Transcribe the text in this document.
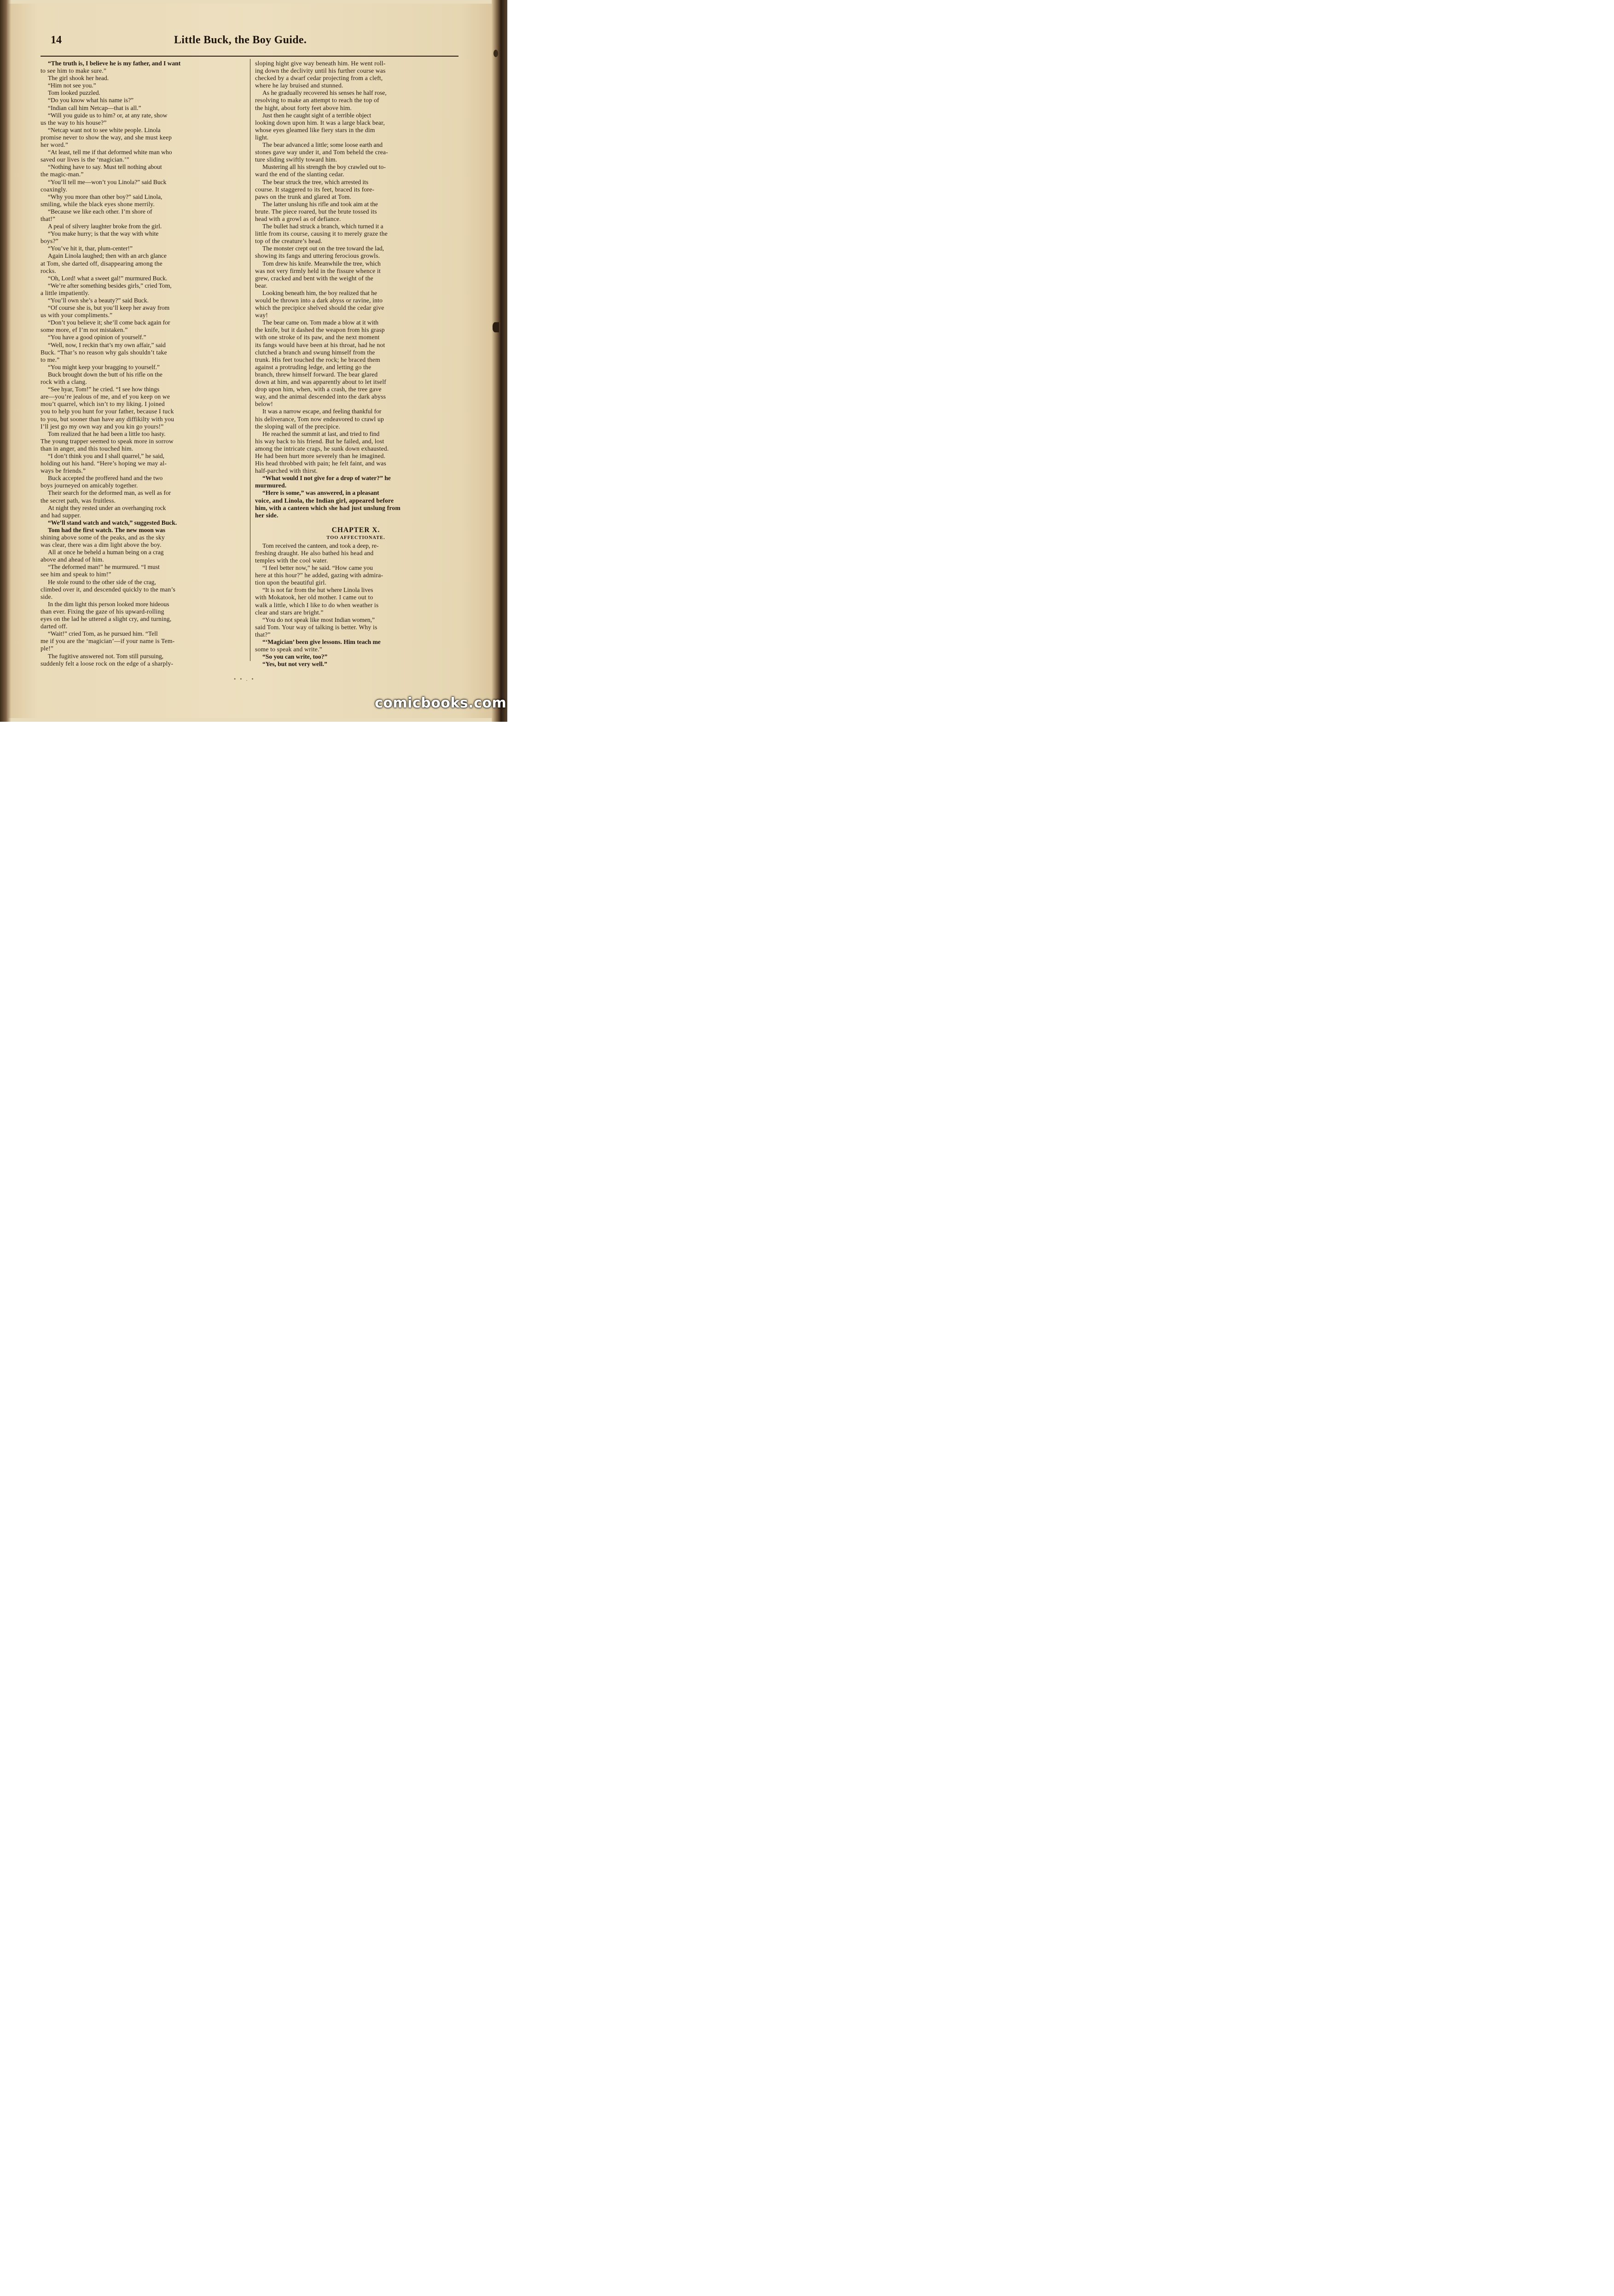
14	Little Buck, the Boy Guide.

“The truth is, I believe he is my father, and I want

to see him to make sure.”

The girl shook her head.

“Him not see you.”

Tom looked puzzled.

“Do you know what his name is?”

“Indian call him Netcap—that is all.”

“Will you guide us to him? or, at any rate, show

us the way to his house?”

“Netcap want not to see white people. Linola

promise never to show the way, and she must keep

her word.”

“At least, tell me if that deformed white man who

saved our lives is the ‘magician.’”

“Nothing have to say. Must tell nothing about

the magic-man.”

“You’ll tell me—won’t you Linola?” said Buck

coaxingly.

“Why you more than other boy?” said Linola,

smiling, while the black eyes shone merrily.

“Because we like each other. I’m shore of

that!”

A peal of silvery laughter broke from the girl.

“You make hurry; is that the way with white

boys?”

“You’ve hit it, thar, plum-center!”

Again Linola laughed; then with an arch glance

at Tom, she darted off, disappearing among the

rocks.

“Oh, Lord! what a sweet gal!” murmured Buck.

“We’re after something besides girls,” cried Tom,

a little impatiently.

“You’ll own she’s a beauty?” said Buck.

“Of course she is, but you’ll keep her away from

us with your compliments.”

“Don’t you believe it; she’ll come back again for

some more, ef I’m not mistaken.”

“You have a good opinion of yourself.”

“Well, now, I reckin that’s my own affair,” said

Buck. “Thar’s no reason why gals shouldn’t take

to me.”

“You might keep your bragging to yourself.”

Buck brought down the butt of his rifle on the

rock with a clang.

“See hyar, Tom!” he cried. “I see how things

are—you’re jealous of me, and ef you keep on we

mou’t quarrel, which isn’t to my liking. I joined

you to help you hunt for your father, because I tuck

to you, but sooner than have any diffikilty with you

I’ll jest go my own way and you kin go yours!”

Tom realized that he had been a little too hasty.

The young trapper seemed to speak more in sorrow

than in anger, and this touched him.

“I don’t think you and I shall quarrel,” he said,

holding out his hand. “Here’s hoping we may al-

ways be friends.”

Buck accepted the proffered hand and the two

boys journeyed on amicably together.

Their search for the deformed man, as well as for

the secret path, was fruitless.

At night they rested under an overhanging rock

and had supper.

“We’ll stand watch and watch,” suggested Buck.

Tom had the first watch. The new moon was

shining above some of the peaks, and as the sky

was clear, there was a dim light above the boy.

All at once he beheld a human being on a crag

above and ahead of him.

“The deformed man!” he murmured. “I must

see him and speak to him!”

He stole round to the other side of the crag,

climbed over it, and descended quickly to the man’s

side.

In the dim light this person looked more hideous

than ever. Fixing the gaze of his upward-rolling

eyes on the lad he uttered a slight cry, and turning,

darted off.

“Wait!” cried Tom, as he pursued him. “Tell

me if you are the ‘magician’—if your name is Tem-

ple!”

The fugitive answered not. Tom still pursuing,

suddenly felt a loose rock on the edge of a sharply-

sloping hight give way beneath him. He went roll-

ing down the declivity until his further course was

checked by a dwarf cedar projecting from a cleft,

where he lay bruised and stunned.

As he gradually recovered his senses he half rose,

resolving to make an attempt to reach the top of

the hight, about forty feet above him.

Just then he caught sight of a terrible object

looking down upon him. It was a large black bear,

whose eyes gleamed like fiery stars in the dim

light.

The bear advanced a little; some loose earth and

stones gave way under it, and Tom beheld the crea-

ture sliding swiftly toward him.

Mustering all his strength the boy crawled out to-

ward the end of the slanting cedar.

The bear struck the tree, which arrested its

course. It staggered to its feet, braced its fore-

paws on the trunk and glared at Tom.

The latter unslung his rifle and took aim at the

brute. The piece roared, but the brute tossed its

head with a growl as of defiance.

The bullet had struck a branch, which turned it a

little from its course, causing it to merely graze the

top of the creature’s head.

The monster crept out on the tree toward the lad,

showing its fangs and uttering ferocious growls.

Tom drew his knife. Meanwhile the tree, which

was not very firmly held in the fissure whence it

grew, cracked and bent with the weight of the

bear.

Looking beneath him, the boy realized that he

would be thrown into a dark abyss or ravine, into

which the precipice shelved should the cedar give

way!

The bear came on. Tom made a blow at it with

the knife, but it dashed the weapon from his grasp

with one stroke of its paw, and the next moment

its fangs would have been at his throat, had he not

clutched a branch and swung himself from the

trunk. His feet touched the rock; he braced them

against a protruding ledge, and letting go the

branch, threw himself forward. The bear glared

down at him, and was apparently about to let itself

drop upon him, when, with a crash, the tree gave

way, and the animal descended into the dark abyss

below!

It was a narrow escape, and feeling thankful for

his deliverance, Tom now endeavored to crawl up

the sloping wall of the precipice.

He reached the summit at last, and tried to find

his way back to his friend. But he failed, and, lost

among the intricate crags, he sunk down exhausted.

He had been hurt more severely than he imagined.

His head throbbed with pain; he felt faint, and was

half-parched with thirst.

“What would I not give for a drop of water?” he

murmured.

“Here is some,” was answered, in a pleasant

voice, and Linola, the Indian girl, appeared before

him, with a canteen which she had just unslung from

her side.

CHAPTER X.
TOO AFFECTIONATE.

Tom received the canteen, and took a deep, re-

freshing draught. He also bathed his head and

temples with the cool water.

“I feel better now,” he said. “How came you

here at this hour?” he added, gazing with admira-

tion upon the beautiful girl.

“It is not far from the hut where Linola lives

with Mokatook, her old mother. I came out to

walk a little, which I like to do when weather is

clear and stars are bright.”

“You do not speak like most Indian women,”

said Tom. Your way of talking is better. Why is

that?”

“‘Magician’ been give lessons. Him teach me

some to speak and write.”

“So you can write, too?”

“Yes, but not very well.”

• • . •
comicbooks.com
